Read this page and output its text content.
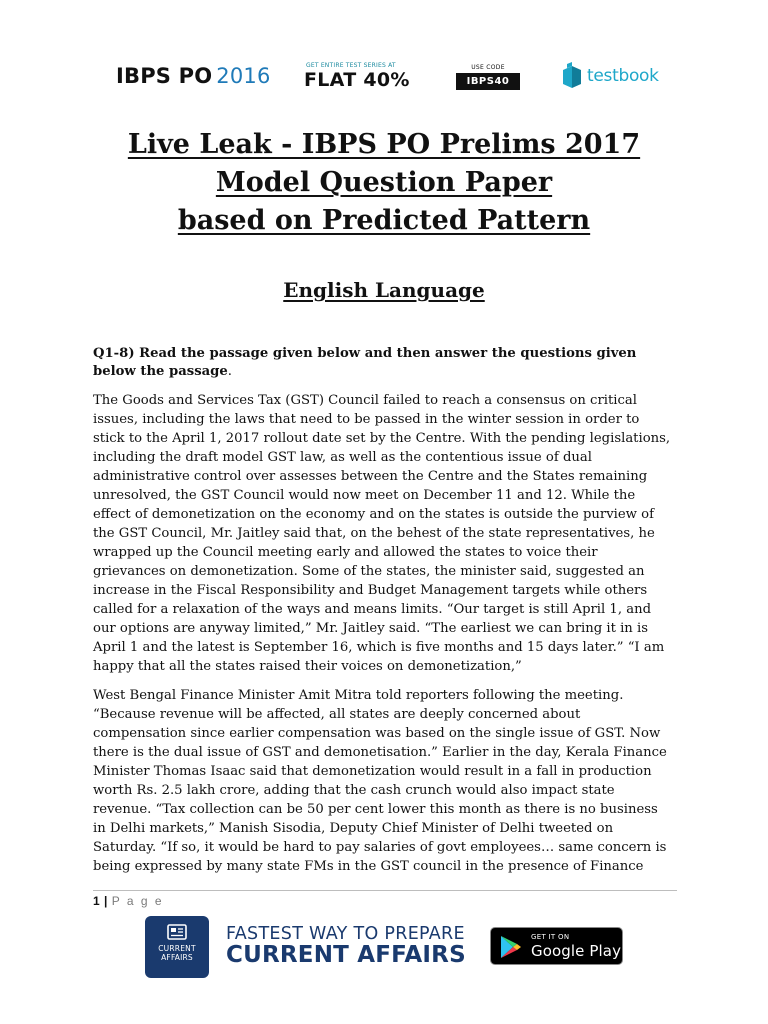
IBPS PO 2016	GET ENTIRE TEST SERIES AT
FLAT 40%
USE CODE
IBPS40	testbook
Live Leak - IBPS PO Prelims 2017
Model Question Paper
based on Predicted Pattern
English Language
Q1-8) Read the passage given below and then answer the questions given below the passage.
The Goods and Services Tax (GST) Council failed to reach a consensus on critical
issues, including the laws that need to be passed in the winter session in order to
stick to the April 1, 2017 rollout date set by the Centre. With the pending legislations,
including the draft model GST law, as well as the contentious issue of dual
administrative control over assesses between the Centre and the States remaining
unresolved, the GST Council would now meet on December 11 and 12. While the
effect of demonetization on the economy and on the states is outside the purview of
the GST Council, Mr. Jaitley said that, on the behest of the state representatives, he
wrapped up the Council meeting early and allowed the states to voice their
grievances on demonetization. Some of the states, the minister said, suggested an
increase in the Fiscal Responsibility and Budget Management targets while others
called for a relaxation of the ways and means limits. “Our target is still April 1, and
our options are anyway limited,” Mr. Jaitley said. “The earliest we can bring it in is
April 1 and the latest is September 16, which is five months and 15 days later.” “I am
happy that all the states raised their voices on demonetization,”
West Bengal Finance Minister Amit Mitra told reporters following the meeting.
“Because revenue will be affected, all states are deeply concerned about
compensation since earlier compensation was based on the single issue of GST. Now
there is the dual issue of GST and demonetisation.” Earlier in the day, Kerala Finance
Minister Thomas Isaac said that demonetization would result in a fall in production
worth Rs. 2.5 lakh crore, adding that the cash crunch would also impact state
revenue. “Tax collection can be 50 per cent lower this month as there is no business
in Delhi markets,” Manish Sisodia, Deputy Chief Minister of Delhi tweeted on
Saturday. “If so, it would be hard to pay salaries of govt employees… same concern is
being expressed by many state FMs in the GST council in the presence of Finance
1 | P a g e
CURRENT
AFFAIRS
FASTEST WAY TO PREPARE
CURRENT AFFAIRS
GET IT ON
Google Play
